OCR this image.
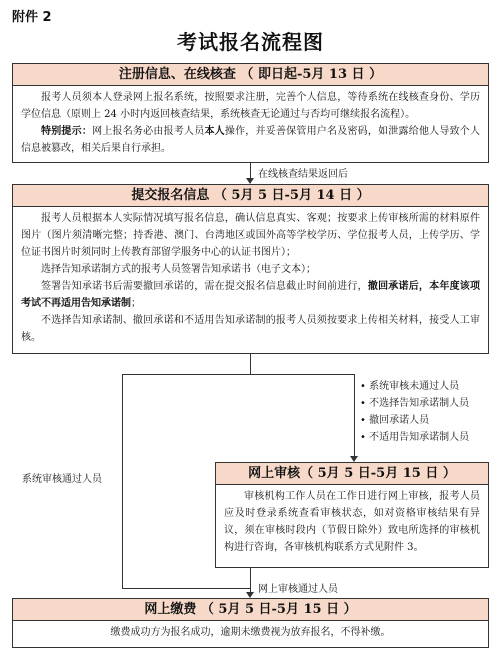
附件 2
考试报名流程图
注册信息、在线核查 （ 即日起-5月 13 日 ）

报考人员须本人登录网上报名系统，按照要求注册，完善个人信息，等待系统在线核查身份、学历学位信息（原则上 24 小时内返回核查结果，系统核查无论通过与否均可继续报名流程）。

特别提示：网上报名务必由报考人员本人操作，并妥善保管用户名及密码，如泄露给他人导致个人信息被篡改，相关后果自行承担。

在线核查结果返回后
提交报名信息 （ 5月 5 日-5月 14 日 ）

报考人员根据本人实际情况填写报名信息，确认信息真实、客观；按要求上传审核所需的材料原件图片（图片须清晰完整；持香港、澳门、台湾地区或国外高等学校学历、学位报考人员，上传学历、学位证书图片时须同时上传教育部留学服务中心的认证书图片）；

选择告知承诺制方式的报考人员签署告知承诺书（电子文本）；

签署告知承诺书后需要撤回承诺的，需在提交报名信息截止时间前进行，撤回承诺后，本年度该项考试不再适用告知承诺制；

不选择告知承诺制、撤回承诺和不适用告知承诺制的报考人员须按要求上传相关材料，接受人工审核。

• 系统审核未通过人员
• 不选择告知承诺制人员
• 撤回承诺人员
• 不适用告知承诺制人员
系统审核通过人员	网上审核（ 5月 5 日-5月 15 日 ）

审核机构工作人员在工作日进行网上审核，报考人员应及时登录系统查看审核状态，如对资格审核结果有异议，须在审核时段内（节假日除外）致电所选择的审核机构进行咨询，各审核机构联系方式见附件 3。

网上审核通过人员
网上缴费 （ 5月 5 日-5月 15 日 ）
缴费成功方为报名成功，逾期未缴费视为放弃报名，不得补缴。
